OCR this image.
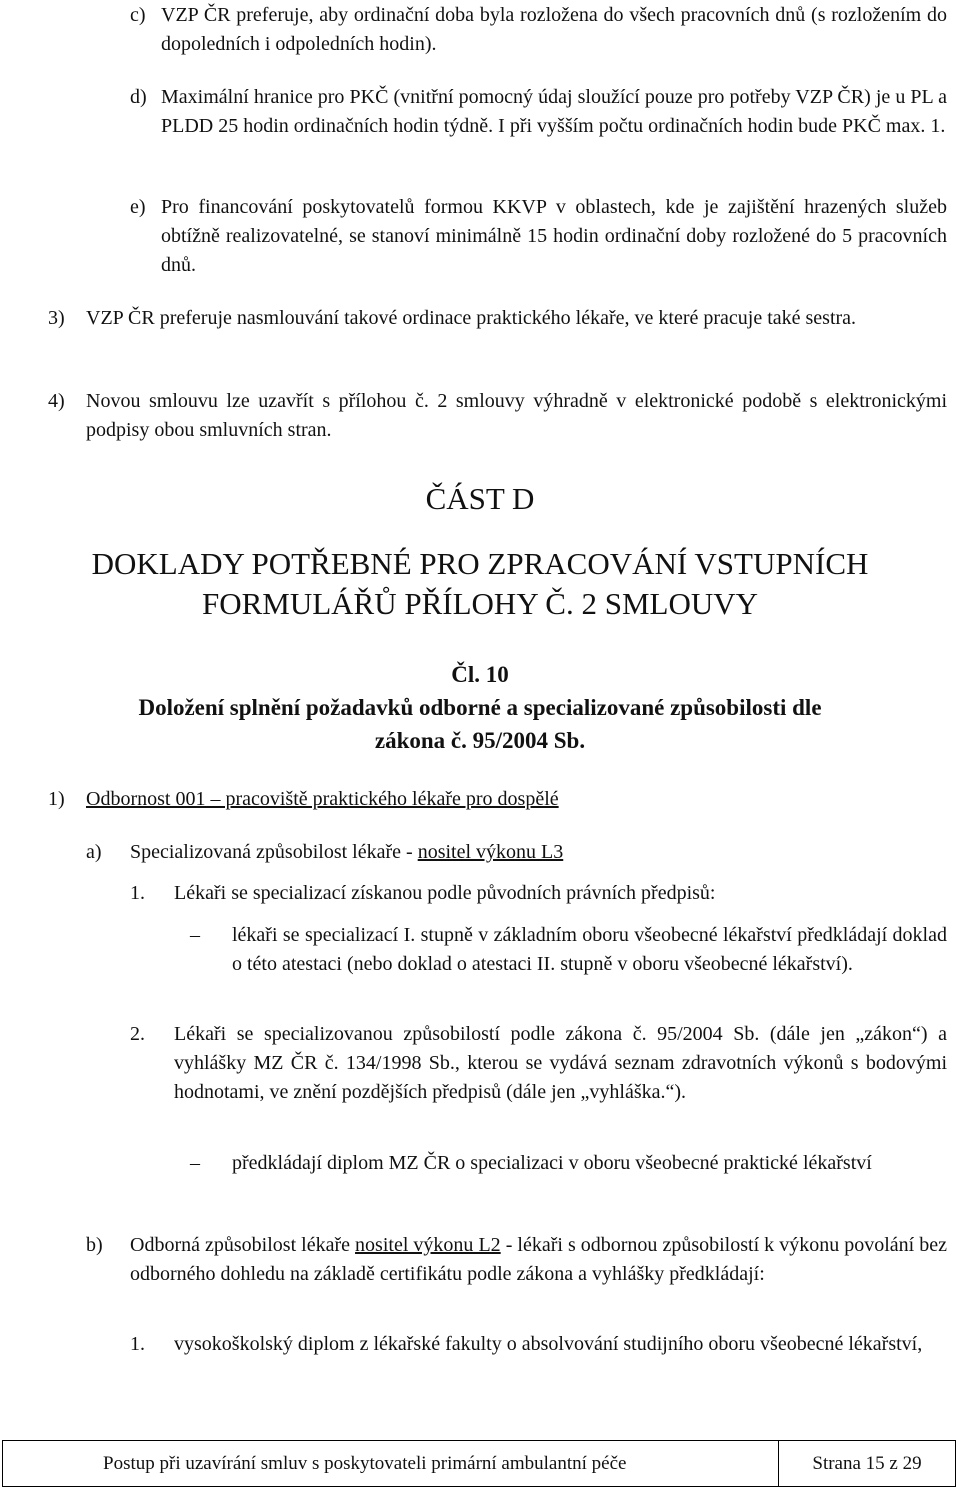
c) VZP ČR preferuje, aby ordinační doba byla rozložena do všech pracovních dnů (s rozložením do dopoledních i odpoledních hodin).
d) Maximální hranice pro PKČ (vnitřní pomocný údaj sloužící pouze pro potřeby VZP ČR) je u PL a PLDD 25 hodin ordinačních hodin týdně. I při vyšším počtu ordinačních hodin bude PKČ max. 1.
e) Pro financování poskytovatelů formou KKVP v oblastech, kde je zajištění hrazených služeb obtížně realizovatelné, se stanoví minimálně 15 hodin ordinační doby rozložené do 5 pracovních dnů.
3) VZP ČR preferuje nasmlouvání takové ordinace praktického lékaře, ve které pracuje také sestra.
4) Novou smlouvu lze uzavřít s přílohou č. 2 smlouvy výhradně v elektronické podobě s elektronickými podpisy obou smluvních stran.
ČÁST D
DOKLADY POTŘEBNÉ PRO ZPRACOVÁNÍ VSTUPNÍCH
FORMULÁŘŮ PŘÍLOHY Č. 2 SMLOUVY
Čl. 10
Doložení splnění požadavků odborné a specializované způsobilosti dle
zákona č. 95/2004 Sb.
1) Odbornost 001 – pracoviště praktického lékaře pro dospělé
a) Specializovaná způsobilost lékaře - nositel výkonu L3
1. Lékaři se specializací získanou podle původních právních předpisů:
– lékaři se specializací I. stupně v základním oboru všeobecné lékařství předkládají doklad o této atestaci (nebo doklad o atestaci II. stupně v oboru všeobecné lékařství).
2. Lékaři se specializovanou způsobilostí podle zákona č. 95/2004 Sb. (dále jen „zákon“) a vyhlášky MZ ČR č. 134/1998 Sb., kterou se vydává seznam zdravotních výkonů s bodovými hodnotami, ve znění pozdějších předpisů (dále jen „vyhláška.“).
– předkládají diplom MZ ČR o specializaci v oboru všeobecné praktické lékařství
b) Odborná způsobilost lékaře nositel výkonu L2 - lékaři s odbornou způsobilostí k výkonu povolání bez odborného dohledu na základě certifikátu podle zákona a vyhlášky předkládají:
1. vysokoškolský diplom z lékařské fakulty o absolvování studijního oboru všeobecné lékařství,
Postup při uzavírání smluv s poskytovateli primární ambulantní péče	Strana 15 z 29
